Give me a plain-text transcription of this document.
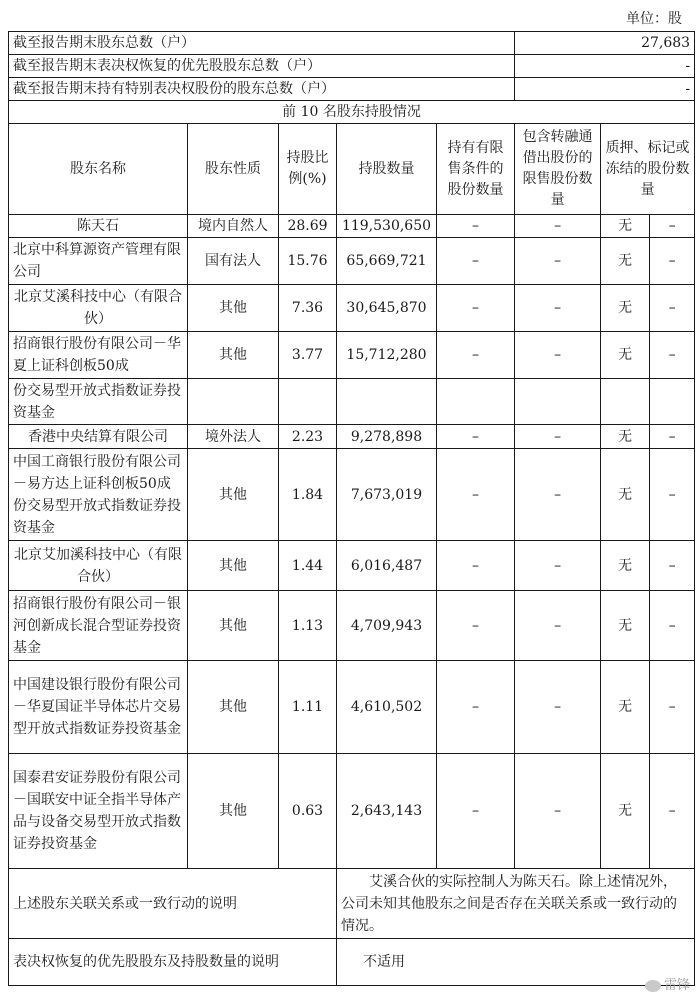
单位：股
截至报告期末股东总数（户）					27,683		
截至报告期末表决权恢复的优先股股东总数（户）					-		
截至报告期末持有特别表决权股份的股东总数（户）					-		
前 10 名股东持股情况							
股东名称	股东性质	持股比例(%)	持股数量	持有有限售条件的股份数量	包含转融通借出股份的限售股份数量	质押、标记或冻结的股份数量	
陈天石	境内自然人	28.69	119,530,650	–	–	无	–
北京中科算源资产管理有限公司	国有法人	15.76	65,669,721	–	–	无	–
北京艾溪科技中心（有限合伙）	其他	7.36	30,645,870	–	–	无	–
招商银行股份有限公司－华夏上证科创板50成	其他	3.77	15,712,280	–	–	无	–
份交易型开放式指数证券投资基金							
香港中央结算有限公司	境外法人	2.23	9,278,898	–	–	无	–
中国工商银行股份有限公司－易方达上证科创板50成份交易型开放式指数证券投资基金	其他	1.84	7,673,019	–	–	无	–
北京艾加溪科技中心（有限合伙）	其他	1.44	6,016,487	–	–	无	–
招商银行股份有限公司－银河创新成长混合型证券投资基金	其他	1.13	4,709,943	–	–	无	–
中国建设银行股份有限公司－华夏国证半导体芯片交易型开放式指数证券投资基金	其他	1.11	4,610,502	–	–	无	–
国泰君安证券股份有限公司－国联安中证全指半导体产品与设备交易型开放式指数证券投资基金	其他	0.63	2,643,143	–	–	无	–
上述股东关联关系或一致行动的说明			艾溪合伙的实际控制人为陈天石。除上述情况外，公司未知其他股东之间是否存在关联关系或一致行动的情况。				
表决权恢复的优先股股东及持股数量的说明			不适用				
雷锋
